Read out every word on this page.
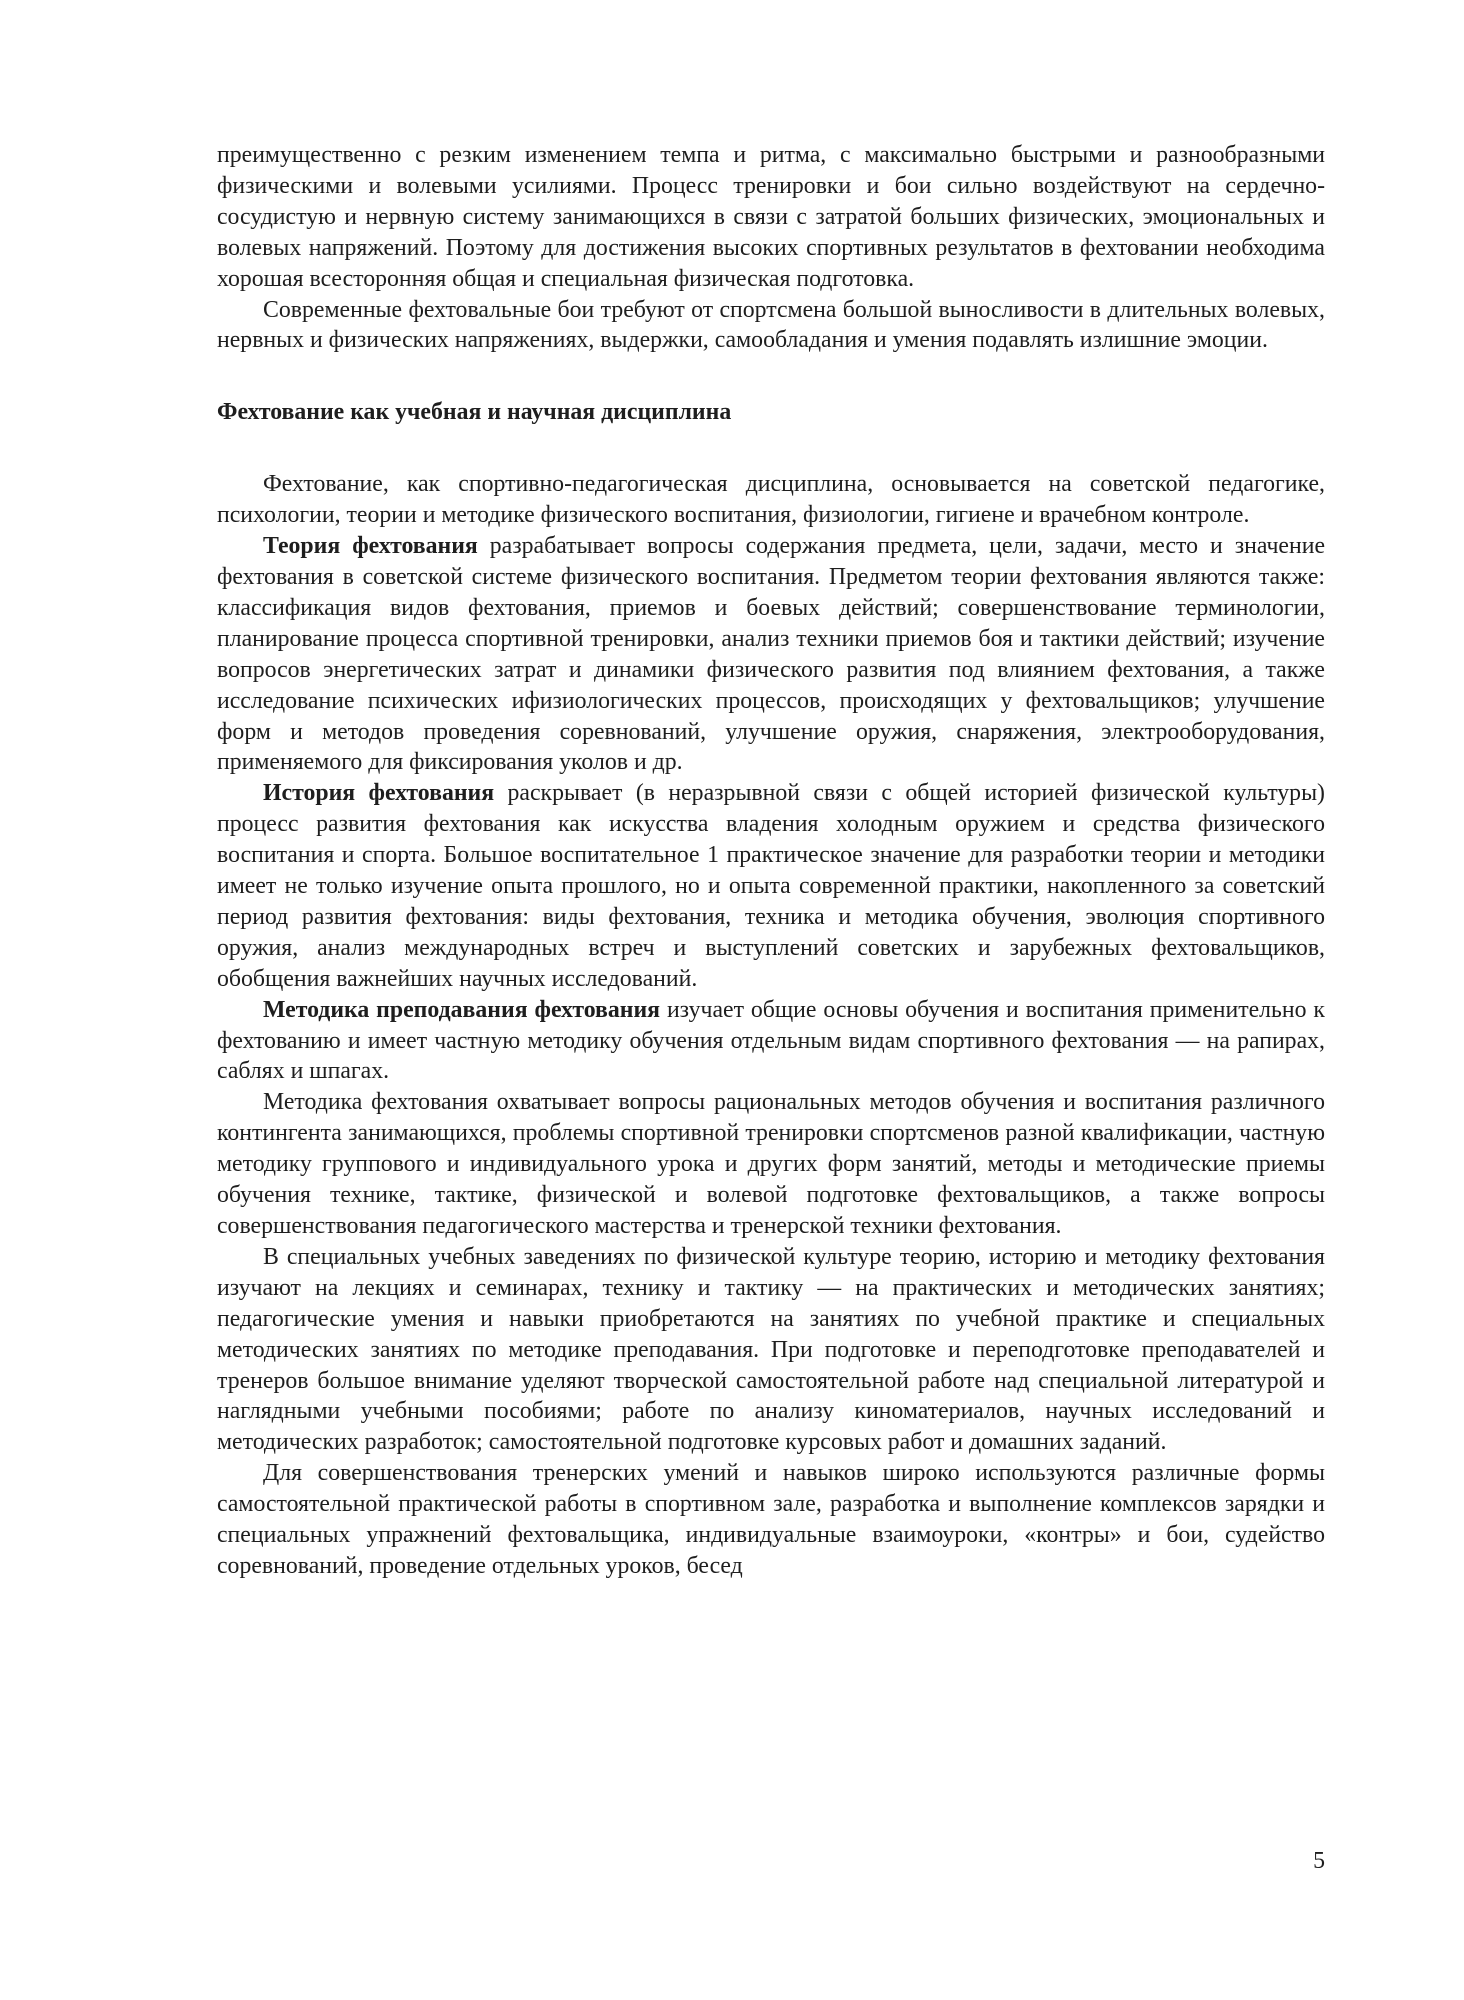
преимущественно с резким изменением темпа и ритма, с максимально быстрыми и разнообразными физическими и волевыми усилиями. Процесс тренировки и бои сильно воздействуют на сердечно-сосудистую и нервную систему занимающихся в связи с затратой больших физических, эмоциональных и волевых напряжений. Поэтому для достижения высоких спортивных результатов в фехтовании необходима хорошая всесторонняя общая и специальная физическая подготовка.

Современные фехтовальные бои требуют от спортсмена большой выносливости в длительных волевых, нервных и физических напряжениях, выдержки, самообладания и умения подавлять излишние эмоции.

Фехтование как учебная и научная дисциплина

Фехтование, как спортивно-педагогическая дисциплина, основывается на советской педагогике, психологии, теории и методике физического воспитания, физиологии, гигиене и врачебном контроле.

Теория фехтования разрабатывает вопросы содержания предмета, цели, задачи, место и значение фехтования в советской системе физического воспитания. Предметом теории фехтования являются также: классификация видов фехтования, приемов и боевых действий; совершенствование терминологии, планирование процесса спортивной тренировки, анализ техники приемов боя и тактики действий; изучение вопросов энергетических затрат и динамики физического развития под влиянием фехтования, а также исследование психических ифизиологических процессов, происходящих у фехтовальщиков; улучшение форм и методов проведения соревнований, улучшение оружия, снаряжения, электрооборудования, применяемого для фиксирования уколов и др.

История фехтования раскрывает (в неразрывной связи с общей историей физической культуры) процесс развития фехтования как искусства владения холодным оружием и средства физического воспитания и спорта. Большое воспитательное 1 практическое значение для разработки теории и методики имеет не только изучение опыта прошлого, но и опыта современной практики, накопленного за советский период развития фехтования: виды фехтования, техника и методика обучения, эволюция спортивного оружия, анализ международных встреч и выступлений советских и зарубежных фехтовальщиков, обобщения важнейших научных исследований.

Методика преподавания фехтования изучает общие основы обучения и воспитания применительно к фехтованию и имеет частную методику обучения отдельным видам спортивного фехтования — на рапирах, саблях и шпагах.

Методика фехтования охватывает вопросы рациональных методов обучения и воспитания различного контингента занимающихся, проблемы спортивной тренировки спортсменов разной квалификации, частную методику группового и индивидуального урока и других форм занятий, методы и методические приемы обучения технике, тактике, физической и волевой подготовке фехтовальщиков, а также вопросы совершенствования педагогического мастерства и тренерской техники фехтования.

В специальных учебных заведениях по физической культуре теорию, историю и методику фехтования изучают на лекциях и семинарах, технику и тактику — на практических и методических занятиях; педагогические умения и навыки приобретаются на занятиях по учебной практике и специальных методических занятиях по методике преподавания. При подготовке и переподготовке преподавателей и тренеров большое внимание уделяют творческой самостоятельной работе над специальной литературой и наглядными учебными пособиями; работе по анализу киноматериалов, научных исследований и методических разработок; самостоятельной подготовке курсовых работ и домашних заданий.

Для совершенствования тренерских умений и навыков широко используются различные формы самостоятельной практической работы в спортивном зале, разработка и выполнение комплексов зарядки и специальных упражнений фехтовальщика, индивидуальные взаимоуроки, «контры» и бои, судейство соревнований, проведение отдельных уроков, бесед

5
